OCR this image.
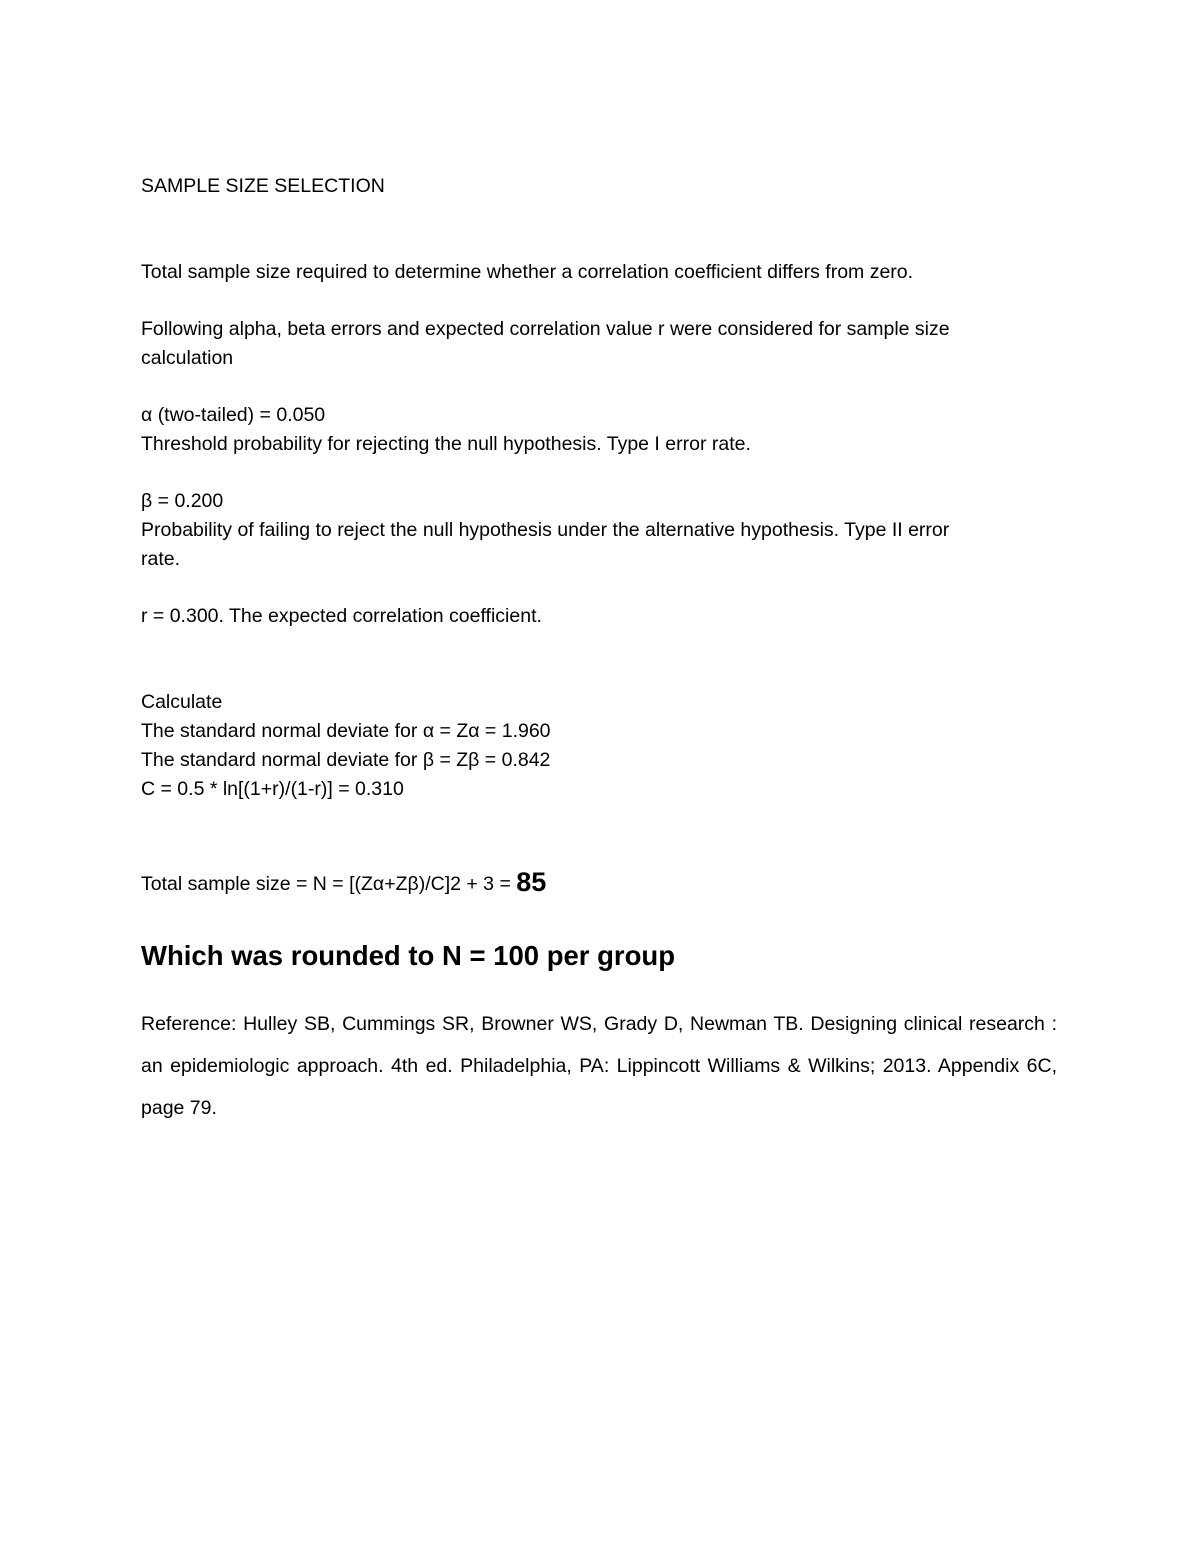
SAMPLE SIZE SELECTION

Total sample size required to determine whether a correlation coefficient differs from zero.

Following alpha, beta errors and expected correlation value r were considered for sample size

calculation

α (two-tailed) = 0.050

Threshold probability for rejecting the null hypothesis. Type I error rate.

β = 0.200

Probability of failing to reject the null hypothesis under the alternative hypothesis. Type II error

rate.

r = 0.300. The expected correlation coefficient.

Calculate

The standard normal deviate for α = Zα = 1.960

The standard normal deviate for β = Zβ = 0.842

C = 0.5 * ln[(1+r)/(1-r)] = 0.310

Total sample size = N = [(Zα+Zβ)/C]2 + 3 = 85

Which was rounded to N = 100 per group

Reference: Hulley SB, Cummings SR, Browner WS, Grady D, Newman TB. Designing clinical research : an epidemiologic approach. 4th ed. Philadelphia, PA: Lippincott Williams & Wilkins; 2013. Appendix 6C, page 79.
